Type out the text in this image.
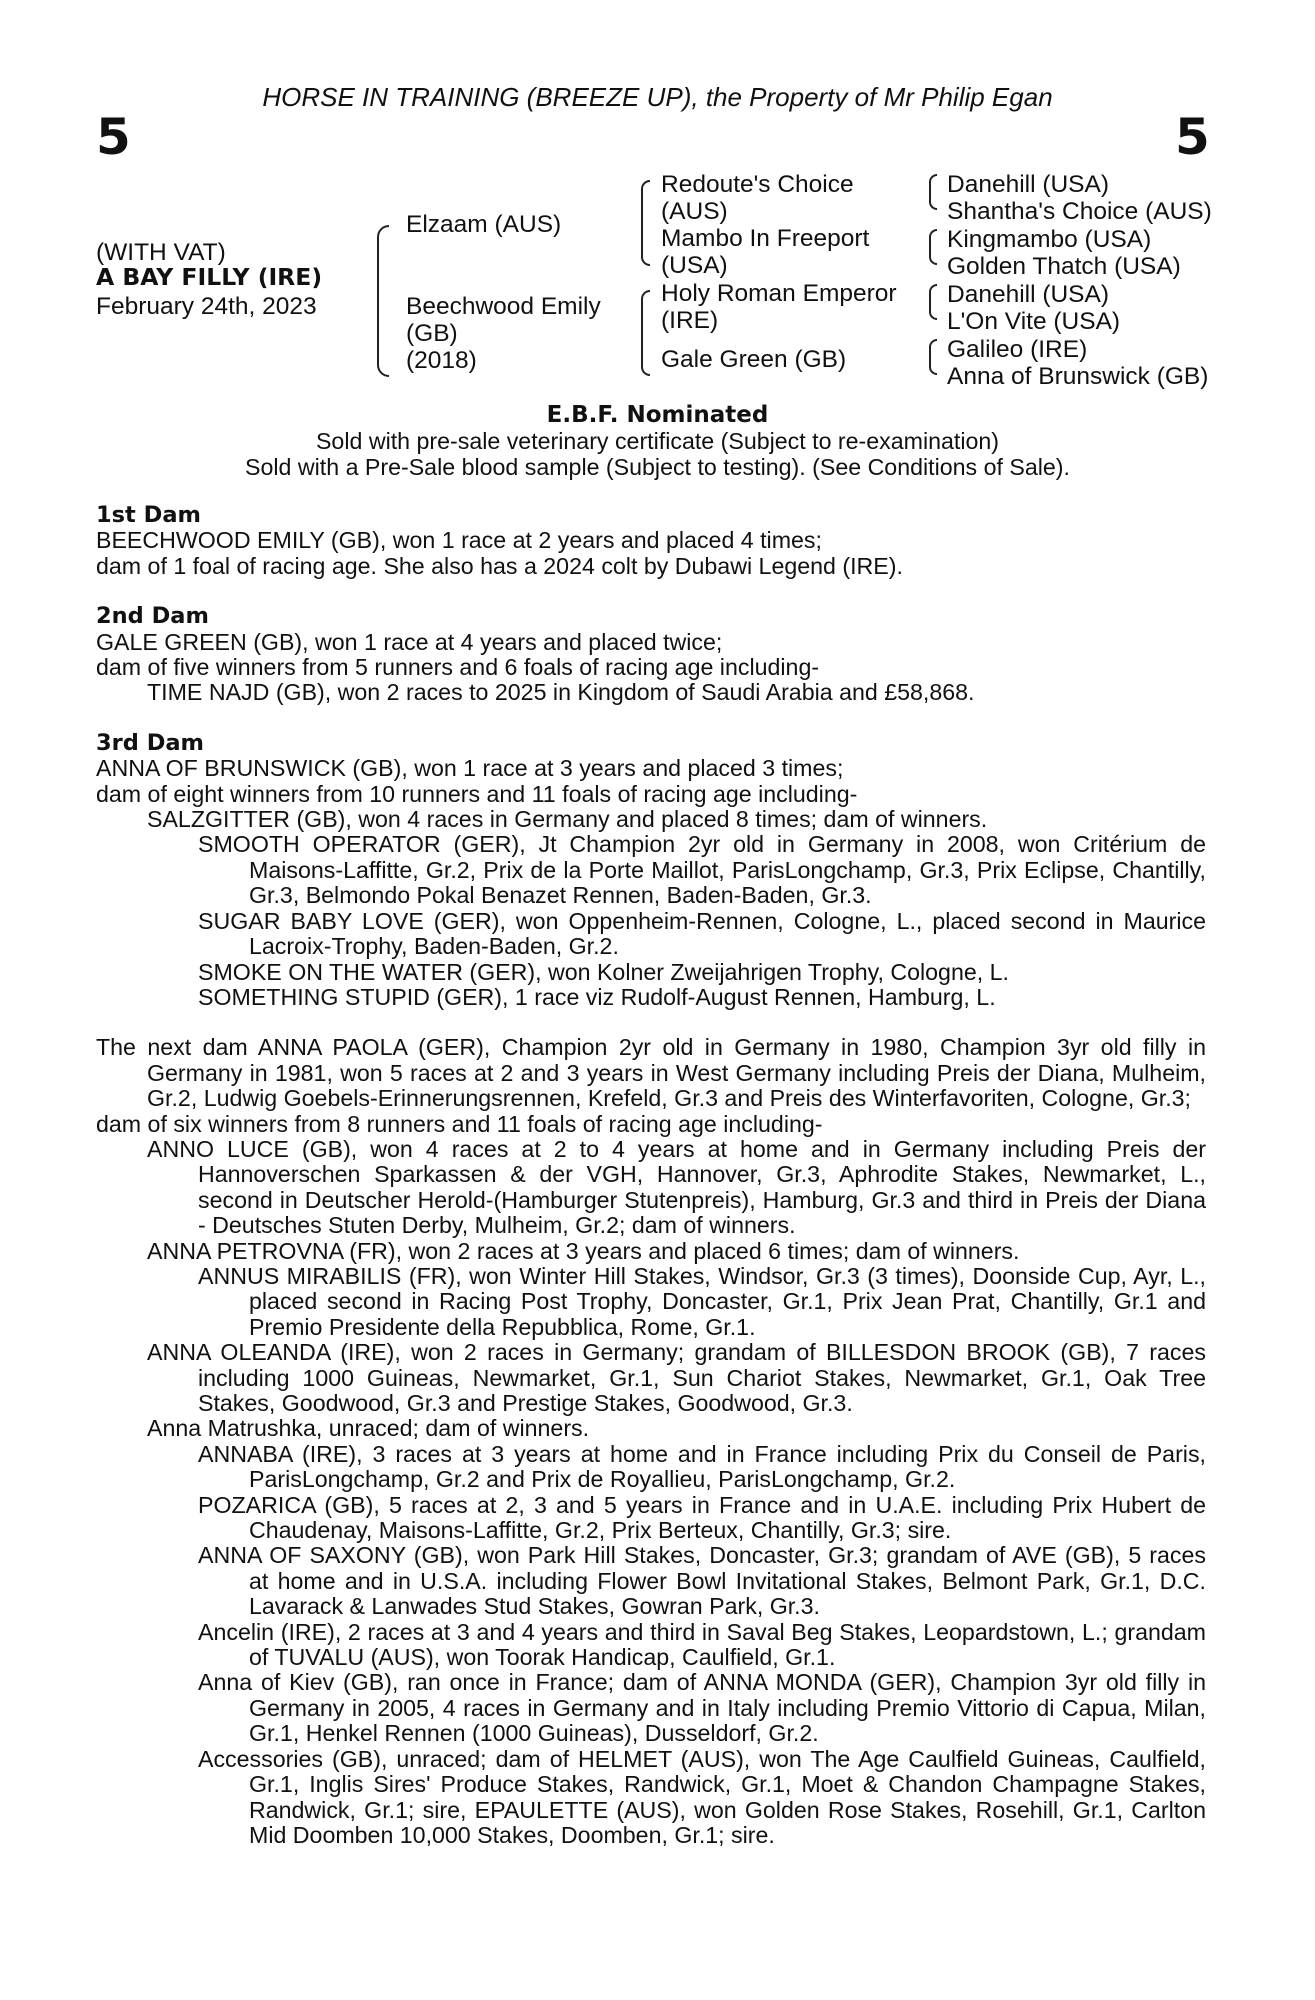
HORSE IN TRAINING (BREEZE UP), the Property of Mr Philip Egan
5	5
(WITH VAT)
A BAY FILLY (IRE)
February 24th, 2023
Elzaam (AUS)
Beechwood Emily
(GB)
(2018)
Redoute's Choice
(AUS)
Mambo In Freeport
(USA)
Holy Roman Emperor
(IRE)
Gale Green (GB)
Danehill (USA)
Shantha's Choice (AUS)
Kingmambo (USA)
Golden Thatch (USA)
Danehill (USA)
L'On Vite (USA)
Galileo (IRE)
Anna of Brunswick (GB)
E.B.F. Nominated
Sold with pre-sale veterinary certificate (Subject to re-examination)
Sold with a Pre-Sale blood sample (Subject to testing). (See Conditions of Sale).
1st Dam

BEECHWOOD EMILY (GB), won 1 race at 2 years and placed 4 times;

dam of 1 foal of racing age. She also has a 2024 colt by Dubawi Legend (IRE).

2nd Dam

GALE GREEN (GB), won 1 race at 4 years and placed twice;

dam of five winners from 5 runners and 6 foals of racing age including-

TIME NAJD (GB), won 2 races to 2025 in Kingdom of Saudi Arabia and £58,868.

3rd Dam

ANNA OF BRUNSWICK (GB), won 1 race at 3 years and placed 3 times;

dam of eight winners from 10 runners and 11 foals of racing age including-

SALZGITTER (GB), won 4 races in Germany and placed 8 times; dam of winners.

SMOOTH OPERATOR (GER), Jt Champion 2yr old in Germany in 2008, won Critérium de Maisons-Laffitte, Gr.2, Prix de la Porte Maillot, ParisLongchamp, Gr.3, Prix Eclipse, Chantilly, Gr.3, Belmondo Pokal Benazet Rennen, Baden-Baden, Gr.3.

SUGAR BABY LOVE (GER), won Oppenheim-Rennen, Cologne, L., placed second in Maurice Lacroix-Trophy, Baden-Baden, Gr.2.

SMOKE ON THE WATER (GER), won Kolner Zweijahrigen Trophy, Cologne, L.

SOMETHING STUPID (GER), 1 race viz Rudolf-August Rennen, Hamburg, L.

The next dam ANNA PAOLA (GER), Champion 2yr old in Germany in 1980, Champion 3yr old filly in Germany in 1981, won 5 races at 2 and 3 years in West Germany including Preis der Diana, Mulheim, Gr.2, Ludwig Goebels-Erinnerungsrennen, Krefeld, Gr.3 and Preis des Winterfavoriten, Cologne, Gr.3;

dam of six winners from 8 runners and 11 foals of racing age including-

ANNO LUCE (GB), won 4 races at 2 to 4 years at home and in Germany including Preis der Hannoverschen Sparkassen & der VGH, Hannover, Gr.3, Aphrodite Stakes, Newmarket, L., second in Deutscher Herold-(Hamburger Stutenpreis), Hamburg, Gr.3 and third in Preis der Diana - Deutsches Stuten Derby, Mulheim, Gr.2; dam of winners.

ANNA PETROVNA (FR), won 2 races at 3 years and placed 6 times; dam of winners.

ANNUS MIRABILIS (FR), won Winter Hill Stakes, Windsor, Gr.3 (3 times), Doonside Cup, Ayr, L., placed second in Racing Post Trophy, Doncaster, Gr.1, Prix Jean Prat, Chantilly, Gr.1 and Premio Presidente della Repubblica, Rome, Gr.1.

ANNA OLEANDA (IRE), won 2 races in Germany; grandam of BILLESDON BROOK (GB), 7 races including 1000 Guineas, Newmarket, Gr.1, Sun Chariot Stakes, Newmarket, Gr.1, Oak Tree Stakes, Goodwood, Gr.3 and Prestige Stakes, Goodwood, Gr.3.

Anna Matrushka, unraced; dam of winners.

ANNABA (IRE), 3 races at 3 years at home and in France including Prix du Conseil de Paris, ParisLongchamp, Gr.2 and Prix de Royallieu, ParisLongchamp, Gr.2.

POZARICA (GB), 5 races at 2, 3 and 5 years in France and in U.A.E. including Prix Hubert de Chaudenay, Maisons-Laffitte, Gr.2, Prix Berteux, Chantilly, Gr.3; sire.

ANNA OF SAXONY (GB), won Park Hill Stakes, Doncaster, Gr.3; grandam of AVE (GB), 5 races at home and in U.S.A. including Flower Bowl Invitational Stakes, Belmont Park, Gr.1, D.C. Lavarack & Lanwades Stud Stakes, Gowran Park, Gr.3.

Ancelin (IRE), 2 races at 3 and 4 years and third in Saval Beg Stakes, Leopardstown, L.; grandam of TUVALU (AUS), won Toorak Handicap, Caulfield, Gr.1.

Anna of Kiev (GB), ran once in France; dam of ANNA MONDA (GER), Champion 3yr old filly in Germany in 2005, 4 races in Germany and in Italy including Premio Vittorio di Capua, Milan, Gr.1, Henkel Rennen (1000 Guineas), Dusseldorf, Gr.2.

Accessories (GB), unraced; dam of HELMET (AUS), won The Age Caulfield Guineas, Caulfield, Gr.1, Inglis Sires' Produce Stakes, Randwick, Gr.1, Moet & Chandon Champagne Stakes, Randwick, Gr.1; sire, EPAULETTE (AUS), won Golden Rose Stakes, Rosehill, Gr.1, Carlton Mid Doomben 10,000 Stakes, Doomben, Gr.1; sire.
